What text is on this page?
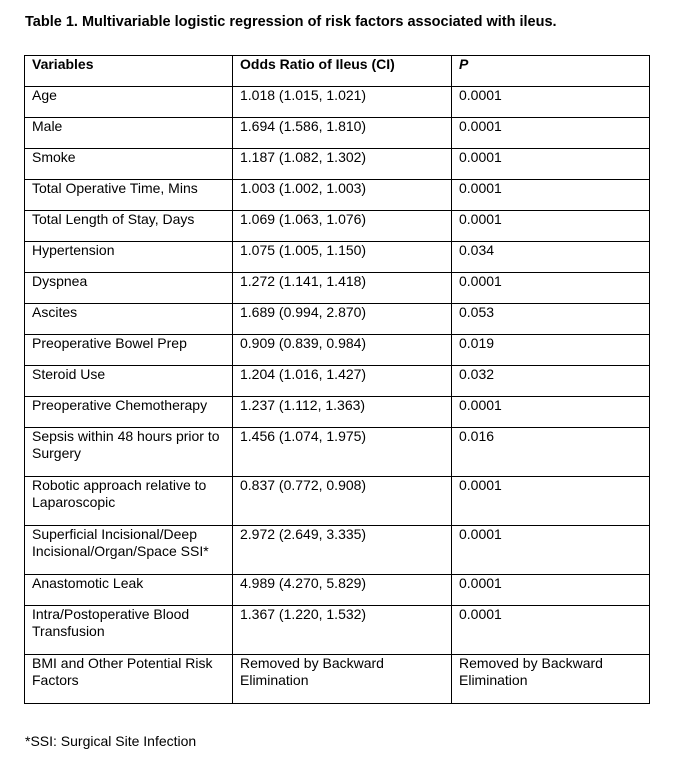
Table 1. Multivariable logistic regression of risk factors associated with ileus.
Variables	Odds Ratio of Ileus (CI)	P
Age	1.018 (1.015, 1.021)	0.0001
Male	1.694 (1.586, 1.810)	0.0001
Smoke	1.187 (1.082, 1.302)	0.0001
Total Operative Time, Mins	1.003 (1.002, 1.003)	0.0001
Total Length of Stay, Days	1.069 (1.063, 1.076)	0.0001
Hypertension	1.075 (1.005, 1.150)	0.034
Dyspnea	1.272 (1.141, 1.418)	0.0001
Ascites	1.689 (0.994, 2.870)	0.053
Preoperative Bowel Prep	0.909 (0.839, 0.984)	0.019
Steroid Use	1.204 (1.016, 1.427)	0.032
Preoperative Chemotherapy	1.237 (1.112, 1.363)	0.0001
Sepsis within 48 hours prior to Surgery	1.456 (1.074, 1.975)	0.016
Robotic approach relative to Laparoscopic	0.837 (0.772, 0.908)	0.0001
Superficial Incisional/Deep Incisional/Organ/Space SSI*	2.972 (2.649, 3.335)	0.0001
Anastomotic Leak	4.989 (4.270, 5.829)	0.0001
Intra/Postoperative Blood Transfusion	1.367 (1.220, 1.532)	0.0001
BMI and Other Potential Risk Factors	Removed by Backward Elimination	Removed by Backward Elimination
*SSI: Surgical Site Infection
